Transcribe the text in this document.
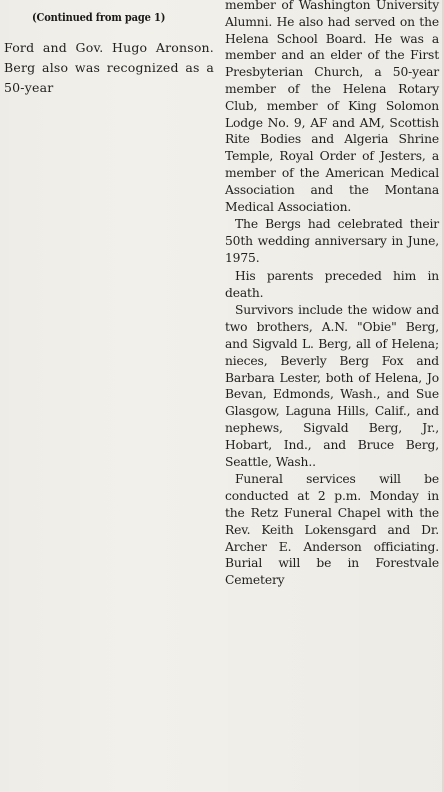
(Continued from page 1)

Ford and Gov. Hugo Aronson. Berg also was recognized as a 50-year

member of Washington University Alumni. He also had served on the Helena School Board. He was a member and an elder of the First Presbyterian Church, a 50-year member of the Helena Rotary Club, member of King Solomon Lodge No. 9, AF and AM, Scottish Rite Bodies and Algeria Shrine Temple, Royal Order of Jesters, a member of the American Medical Association and the Montana Medical Association.

The Bergs had celebrated their 50th wedding anniversary in June, 1975.

His parents preceded him in death.

Survivors include the widow and two brothers, A.N. "Obie" Berg, and Sigvald L. Berg, all of Helena; nieces, Beverly Berg Fox and Barbara Lester, both of Helena, Jo Bevan, Edmonds, Wash., and Sue Glasgow, Laguna Hills, Calif., and nephews, Sigvald Berg, Jr., Hobart, Ind., and Bruce Berg, Seattle, Wash..

Funeral services will be conducted at 2 p.m. Monday in the Retz Funeral Chapel with the Rev. Keith Lokensgard and Dr. Archer E. Anderson officiating. Burial will be in Forestvale Cemetery
